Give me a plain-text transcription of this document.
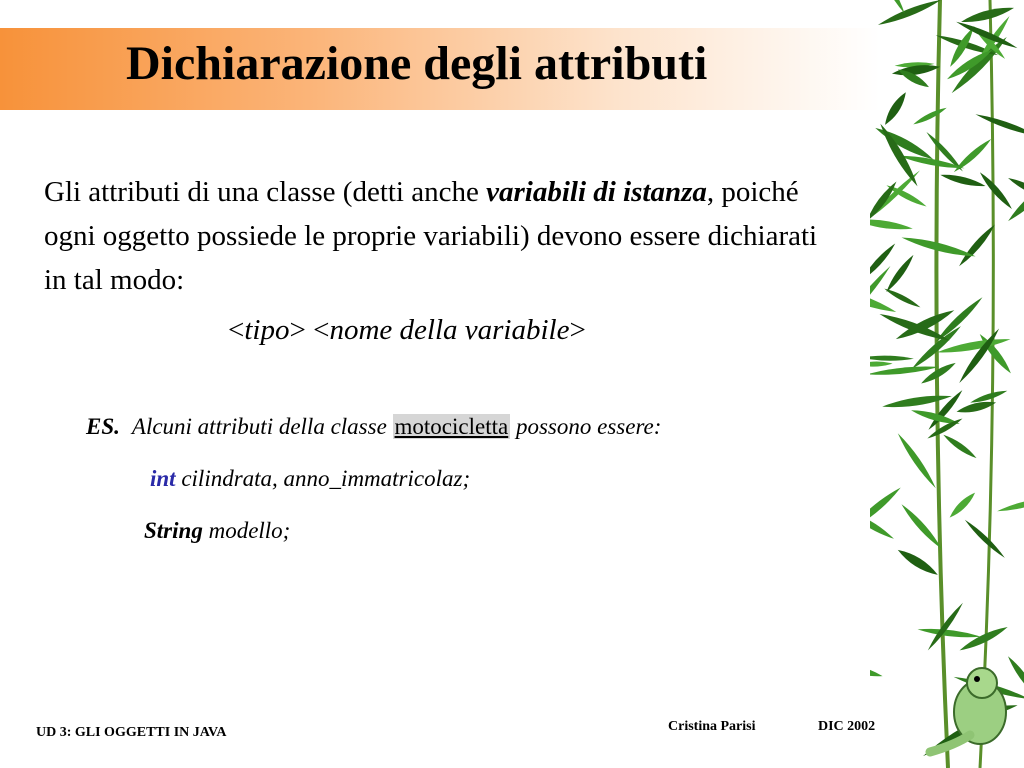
Dichiarazione degli attributi
Gli attributi di una classe (detti anche variabili di istanza, poiché ogni oggetto possiede le proprie variabili) devono essere dichiarati in tal modo:
<tipo> <nome della variabile>
ES. Alcuni attributi della classe motocicletta possono essere:
int cilindrata, anno_immatricolaz;
String modello;
UD 3: GLI OGGETTI IN JAVA	Cristina Parisi	DIC 2002
